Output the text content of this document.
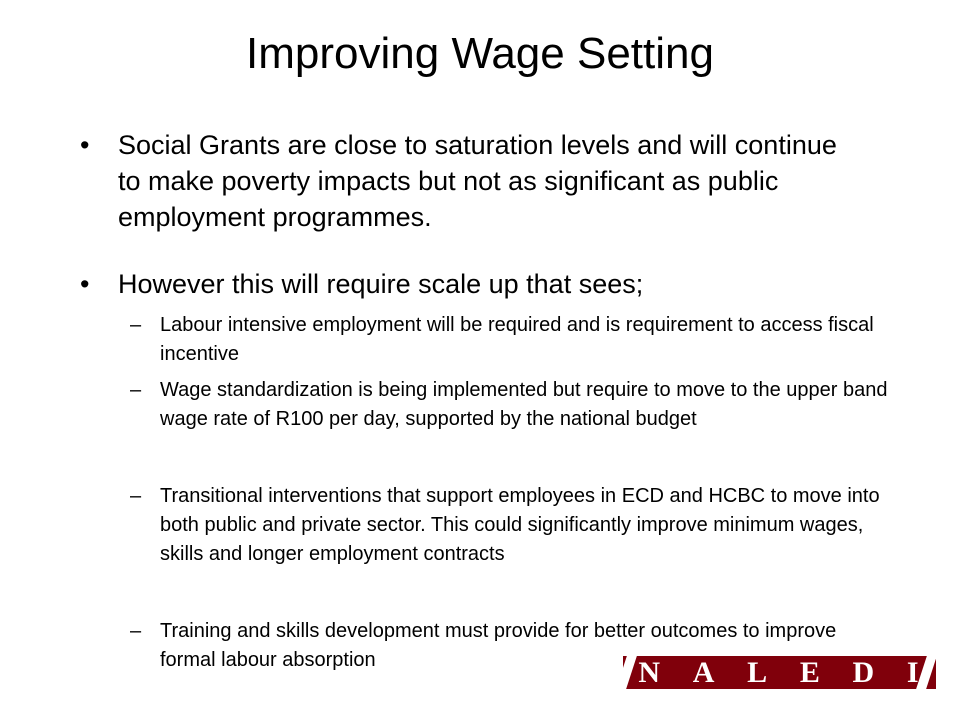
Improving Wage Setting
•	Social Grants are close to saturation levels and will continue to make poverty impacts but not as significant as public employment programmes.
•	However this will require scale up that sees;
– Labour intensive employment will be required and is requirement to access fiscal incentive
– Wage standardization is being implemented but require to move to the upper band wage rate of R100 per day, supported by the national budget
– Transitional interventions that support employees in ECD and HCBC to move into both public and private sector. This could significantly improve minimum wages, skills and longer employment contracts
– Training and skills development must provide for better outcomes to improve formal labour absorption	N A L E D I
